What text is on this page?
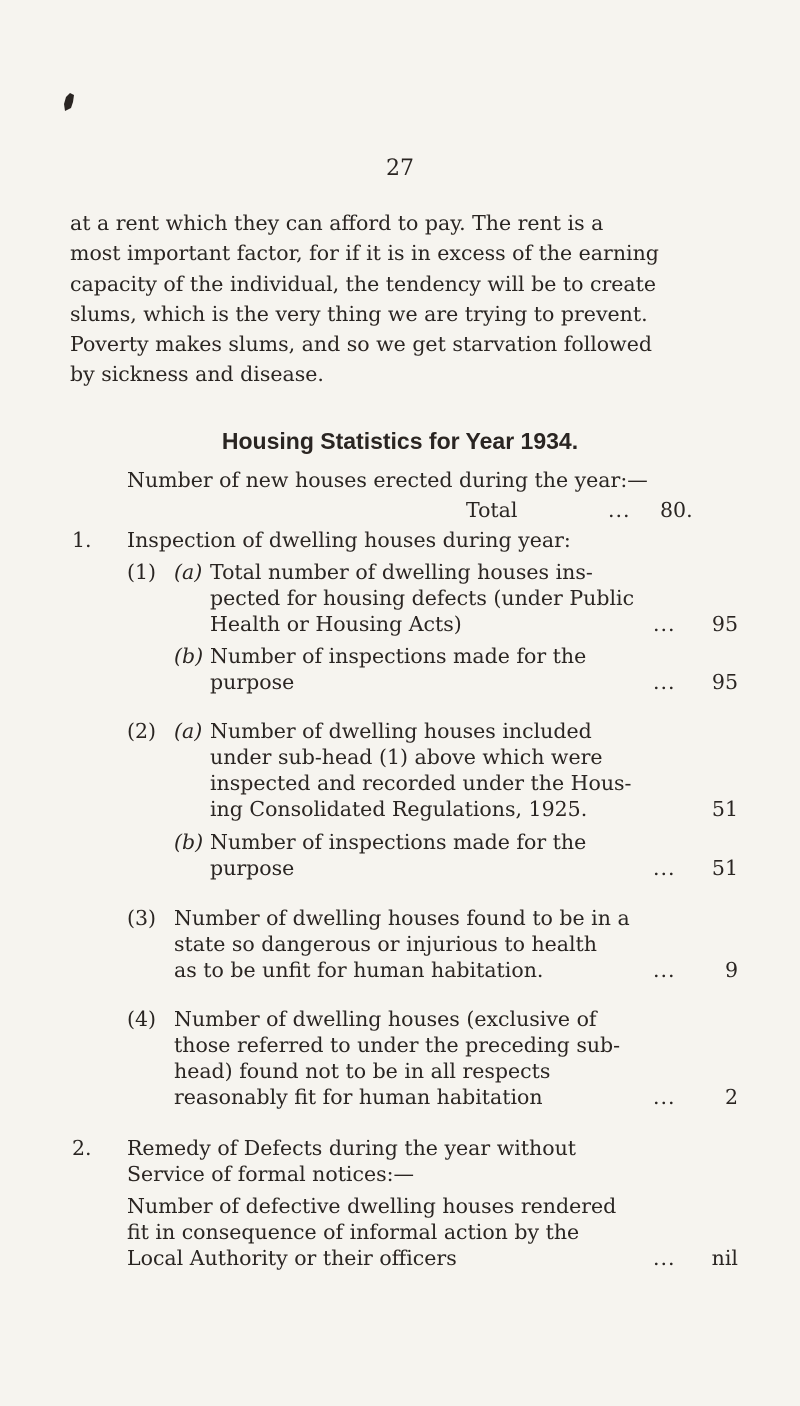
27
at a rent which they can afford to pay. The rent is a
most important factor, for if it is in excess of the earning
capacity of the individual, the tendency will be to create
slums, which is the very thing we are trying to prevent.
Poverty makes slums, and so we get starvation followed
by sickness and disease.
Housing Statistics for Year 1934.
Number of new houses erected during the year:—
Total	... 80.
1. Inspection of dwelling houses during year:
(1) (a) Total number of dwelling houses ins-
pected for housing defects (under Public
Health or Housing Acts)	...	95
(b) Number of inspections made for the
purpose	...	95
(2) (a) Number of dwelling houses included
under sub-head (1) above which were
inspected and recorded under the Hous-
ing Consolidated Regulations, 1925.	51
(b) Number of inspections made for the
purpose	...	51
(3) Number of dwelling houses found to be in a
state so dangerous or injurious to health
as to be unfit for human habitation.	...	9
(4) Number of dwelling houses (exclusive of
those referred to under the preceding sub-
head) found not to be in all respects
reasonably fit for human habitation	...	2
2. Remedy of Defects during the year without
Service of formal notices:—
Number of defective dwelling houses rendered
fit in consequence of informal action by the
Local Authority or their officers	...	nil
